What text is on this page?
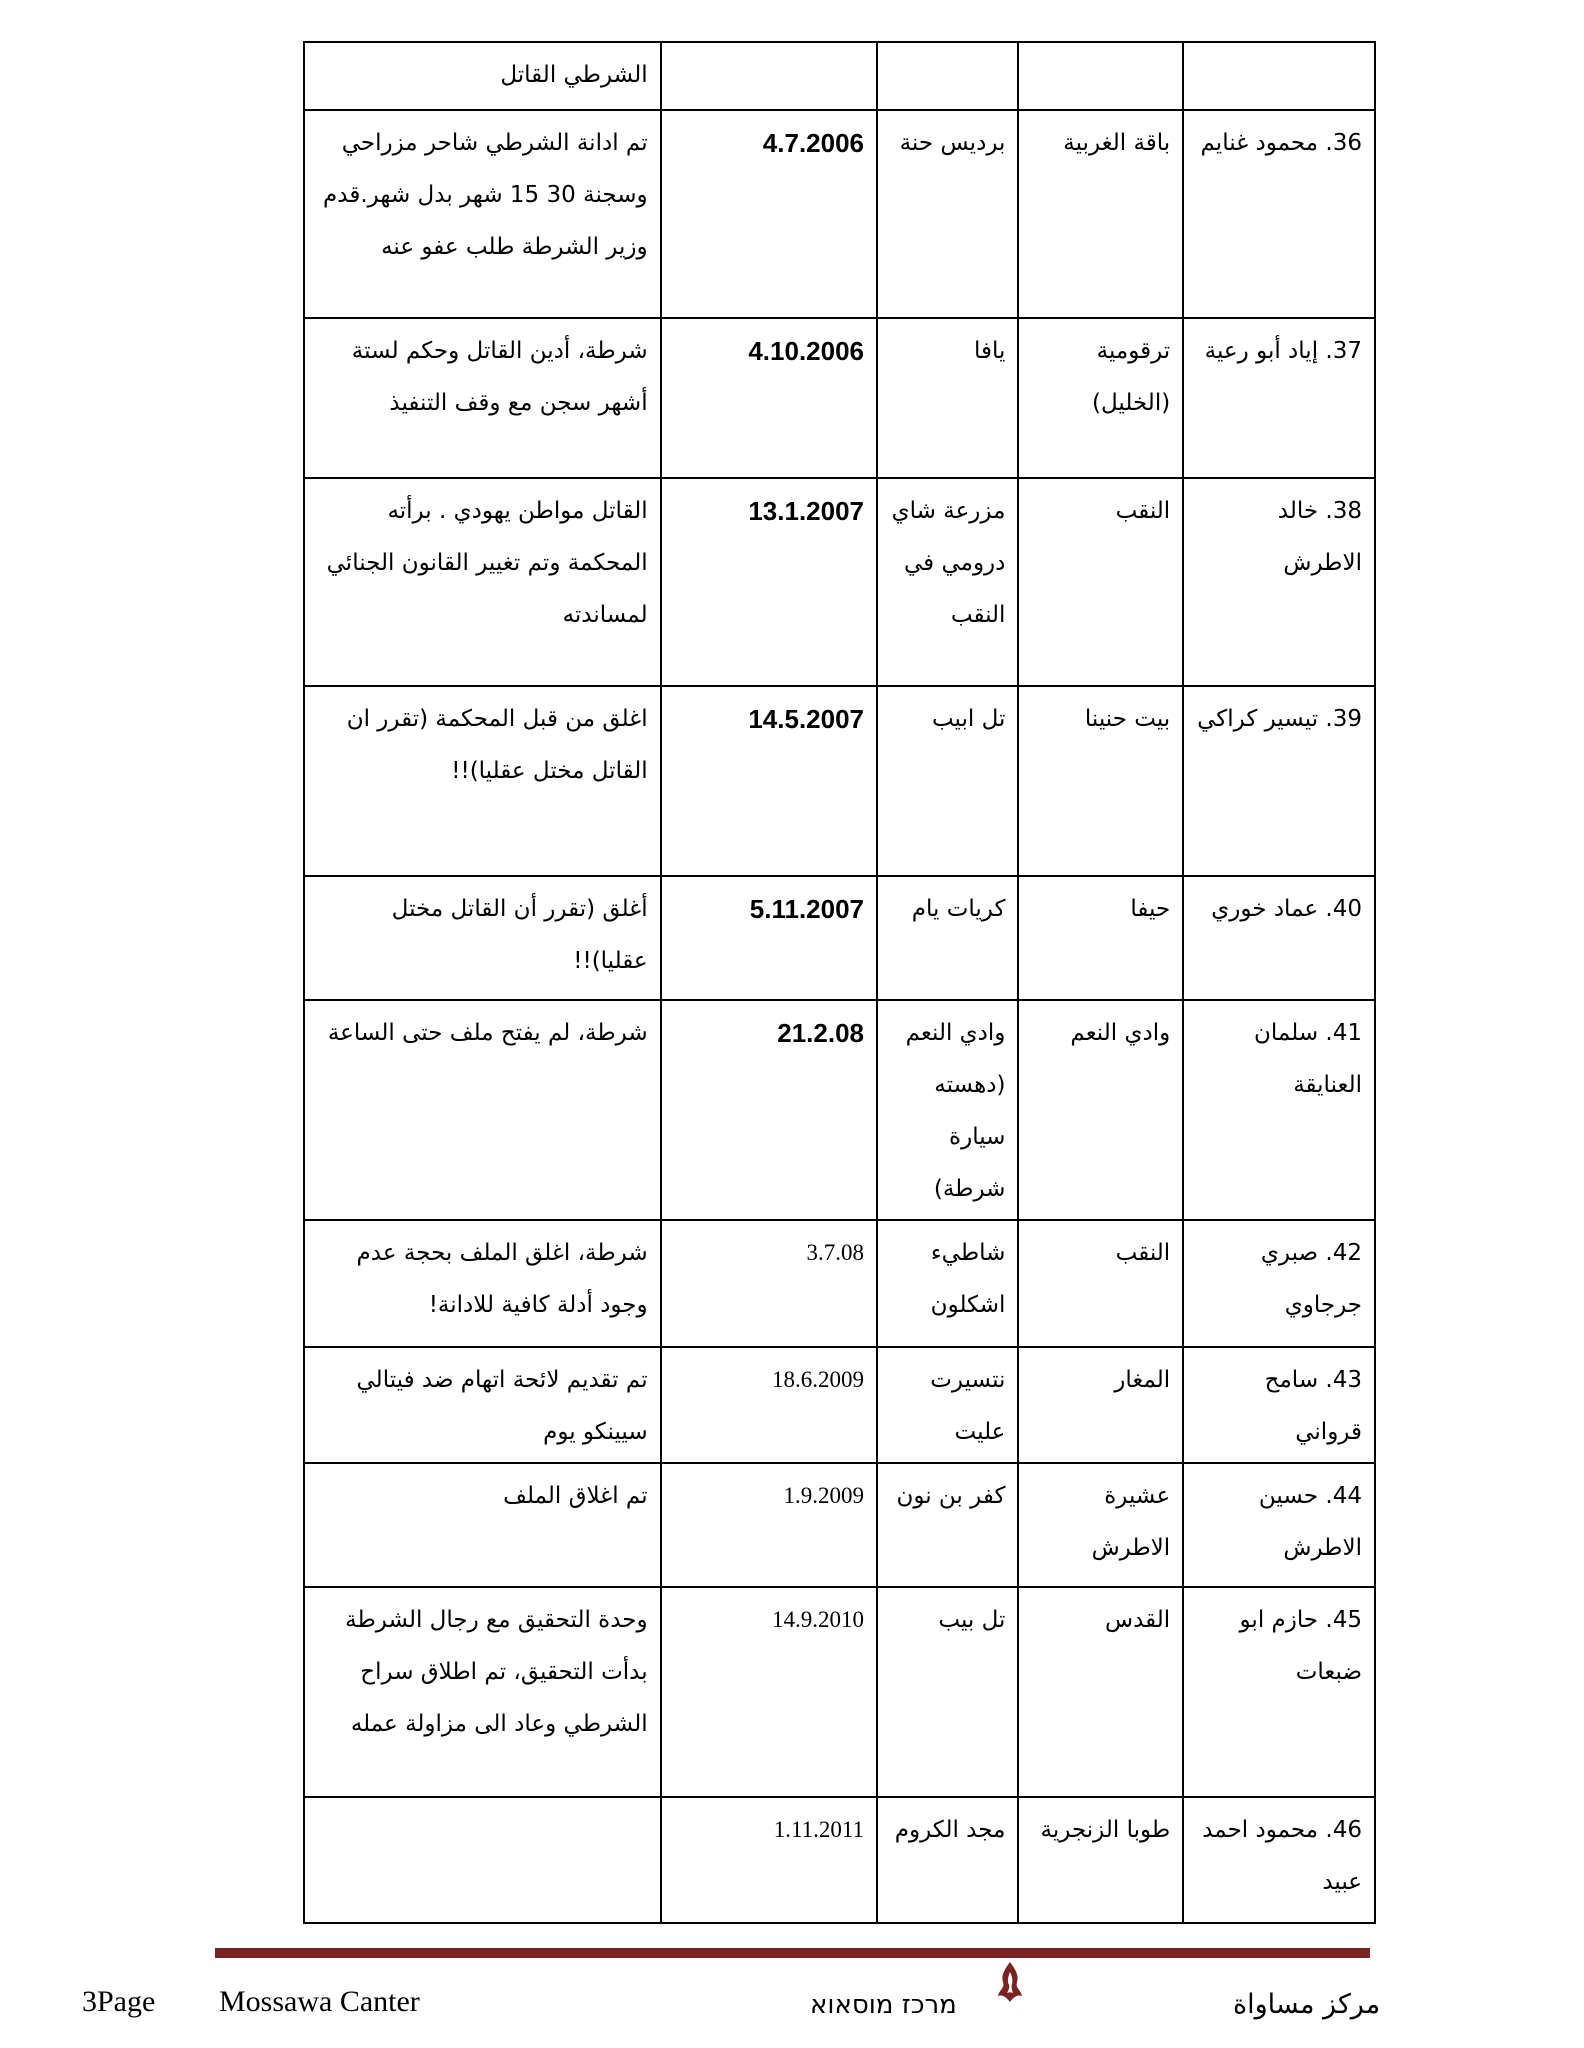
				الشرطي القاتل
36. محمود غنايم	باقة الغربية	برديس حنة	4.7.2006	تم ادانة الشرطي شاحر مزراحي وسجنة 30 15 شهر بدل شهر.قدم وزير الشرطة طلب عفو عنه
37. إياد أبو رعية	ترقومية (الخليل)	يافا	4.10.2006	شرطة، أدين القاتل وحكم لستة أشهر سجن مع وقف التنفيذ
38. خالد الاطرش	النقب	مزرعة شاي درومي في النقب	13.1.2007	القاتل مواطن يهودي . برأته المحكمة وتم تغيير القانون الجنائي لمساندته
39. تيسير كراكي	بيت حنينا	تل ابيب	14.5.2007	اغلق من قبل المحكمة (تقرر ان القاتل مختل عقليا)!!
40. عماد خوري	حيفا	كريات يام	5.11.2007	أغلق (تقرر أن القاتل مختل عقليا)!!
41. سلمان العنايقة	وادي النعم	وادي النعم (دهسته سيارة شرطة)	21.2.08	شرطة، لم يفتح ملف حتى الساعة
42. صبري جرجاوي	النقب	شاطيء اشكلون	3.7.08	شرطة، اغلق الملف بحجة عدم وجود أدلة كافية للادانة!
43. سامح قرواني	المغار	نتسيرت عليت	18.6.2009	تم تقديم لائحة اتهام ضد فيتالي سيينكو يوم
44. حسين الاطرش	عشيرة الاطرش	كفر بن نون	1.9.2009	تم اغلاق الملف
45. حازم ابو ضبعات	القدس	تل بيب	14.9.2010	وحدة التحقيق مع رجال الشرطة بدأت التحقيق، تم اطلاق سراح الشرطي وعاد الى مزاولة عمله
46. محمود احمد عبيد	طوبا الزنجرية	مجد الكروم	1.11.2011	
3Page Mossawa Canter	מרכז מוסאוא	مركز مساواة
